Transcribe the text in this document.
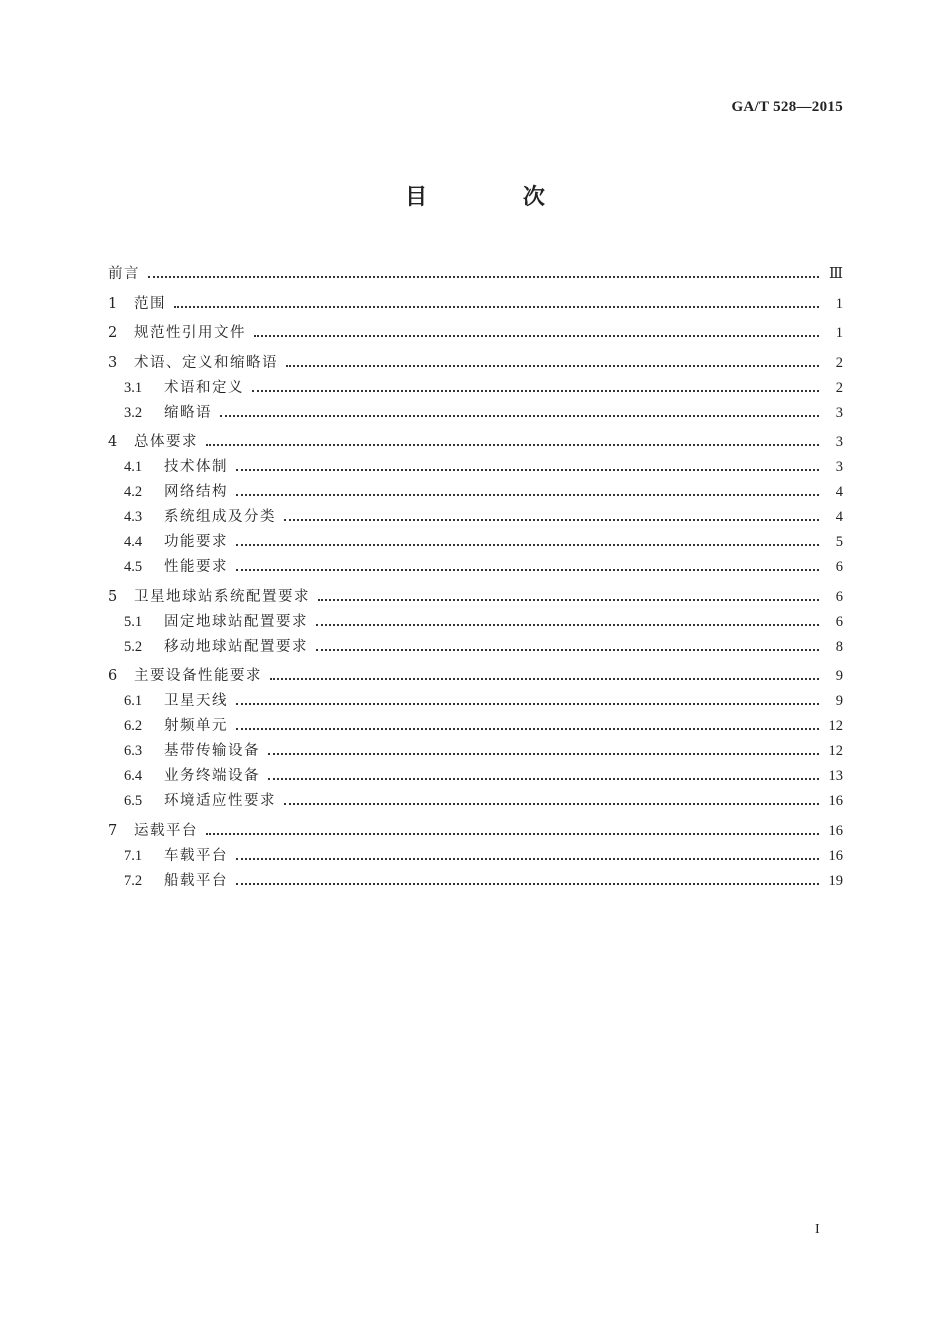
GA/T 528—2015
目 次
前言	Ⅲ
1	范围	1
2	规范性引用文件	1
3	术语、定义和缩略语	2
3.1	术语和定义	2
3.2	缩略语	3
4	总体要求	3
4.1	技术体制	3
4.2	网络结构	4
4.3	系统组成及分类	4
4.4	功能要求	5
4.5	性能要求	6
5	卫星地球站系统配置要求	6
5.1	固定地球站配置要求	6
5.2	移动地球站配置要求	8
6	主要设备性能要求	9
6.1	卫星天线	9
6.2	射频单元	12
6.3	基带传输设备	12
6.4	业务终端设备	13
6.5	环境适应性要求	16
7	运载平台	16
7.1	车载平台	16
7.2	船载平台	19
I
